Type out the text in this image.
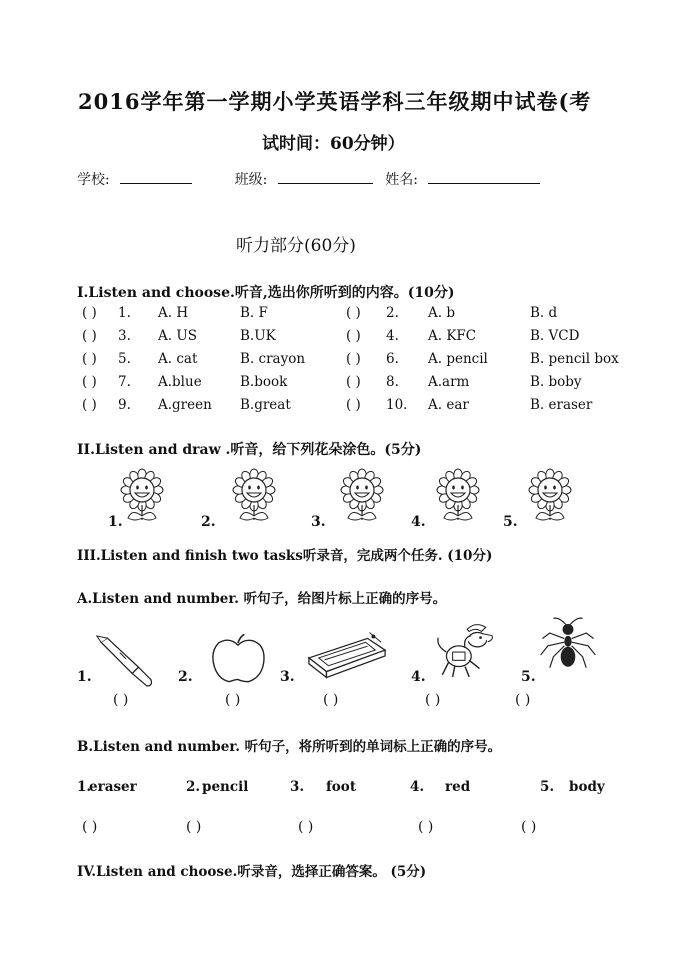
2016学年第一学期小学英语学科三年级期中试卷(考
试时间：60分钟）
学校:	班级:	姓名:
听力部分(60分)
I.Listen and choose.听音,选出你所听到的内容。(10分)
( ) 1. A. H	B. F	( ) 2. A. b	B. d
( ) 3. A. US	B.UK	( ) 4. A. KFC	B. VCD
( ) 5. A. cat	B. crayon	( ) 6. A. pencil	B. pencil box
( ) 7. A.blue	B.book	( ) 8. A.arm	B. boby
( ) 9. A.green B.great	( ) 10. A. ear	B. eraser
II.Listen and draw .听音，给下列花朵涂色。(5分)
1.	2.	3.	4.	5.
III.Listen and finish two tasks听录音，完成两个任务. (10分)
A.Listen and number. 听句子，给图片标上正确的序号。
1.
( )
2.
( )
3.
( )
4.
( )
5.
( )
B.Listen and number. 听句子，将所听到的单词标上正确的序号。
1.
eraser
( )
2. pencil
( )
3. foot
( )
4. red
( )
5. body
( )
IV.Listen and choose.听录音，选择正确答案。 (5分)
